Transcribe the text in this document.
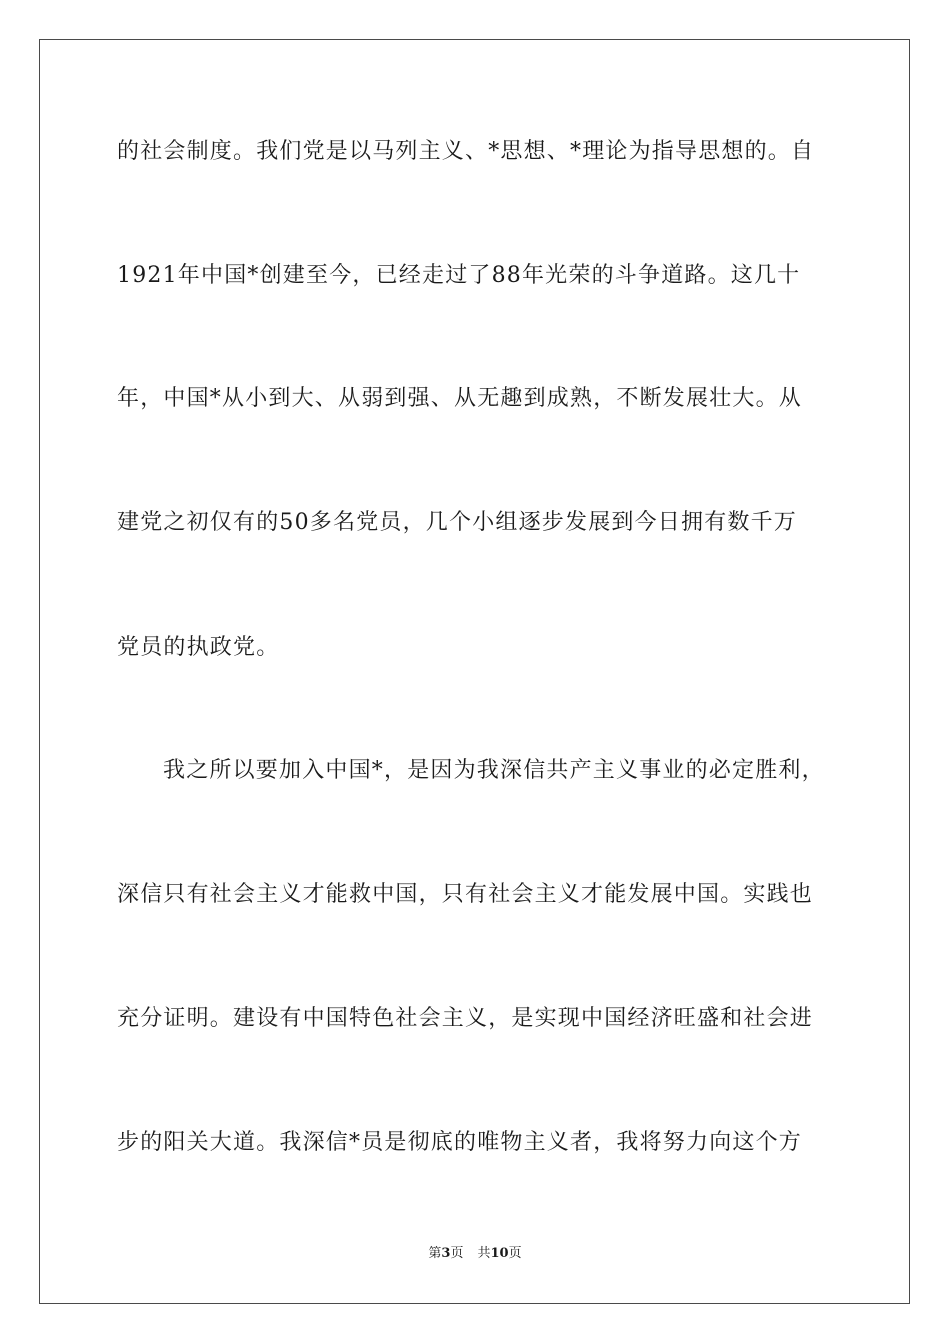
的社会制度。我们党是以马列主义、*思想、*理论为指导思想的。自
1921年中国*创建至今，已经走过了88年光荣的斗争道路。这几十
年，中国*从小到大、从弱到强、从无趣到成熟，不断发展壮大。从
建党之初仅有的50多名党员，几个小组逐步发展到今日拥有数千万
党员的执政党。
我之所以要加入中国*，是因为我深信共产主义事业的必定胜利，
深信只有社会主义才能救中国，只有社会主义才能发展中国。实践也
充分证明。建设有中国特色社会主义，是实现中国经济旺盛和社会进
步的阳关大道。我深信*员是彻底的唯物主义者，我将努力向这个方
第3页 共10页
